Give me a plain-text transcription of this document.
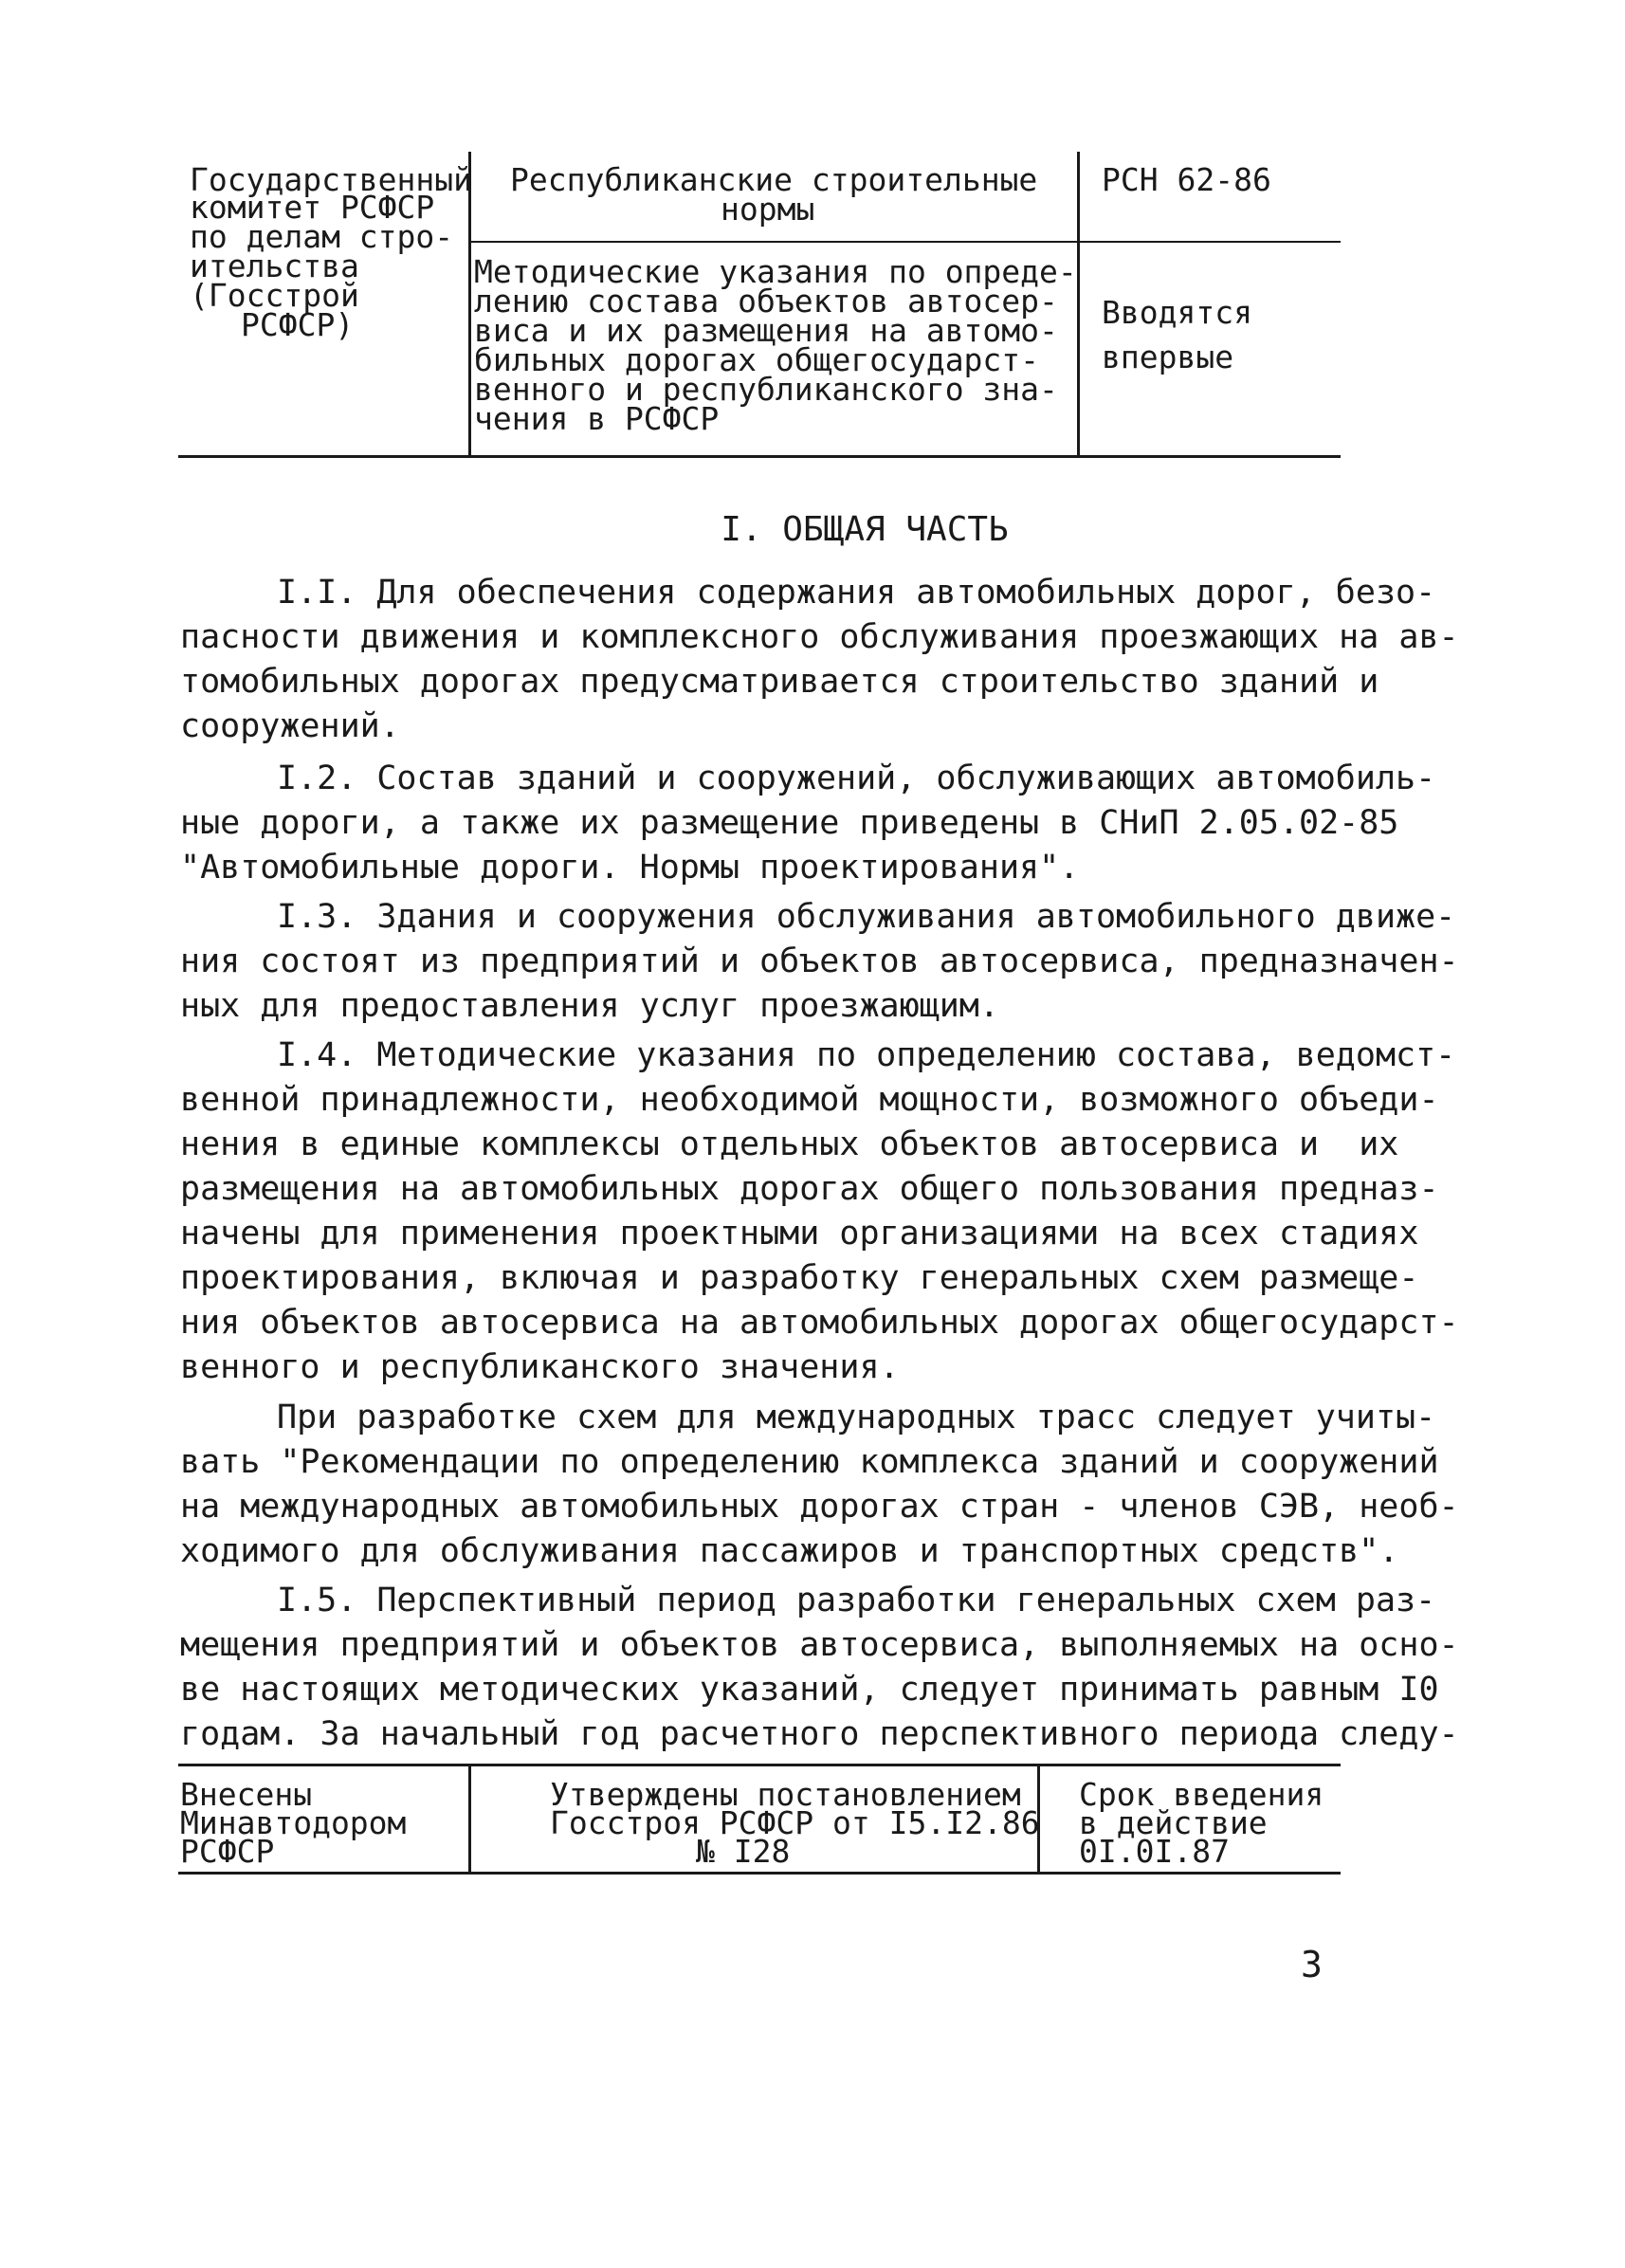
Государственный
комитет РСФСР
по делам стро-
ительства
(Госстрой
РСФСР)
Республиканские строительные
нормы
РСН 62-86
Методические указания по опреде-
лению состава объектов автосер-
виса и их размещения на автомо-
бильных дорогах общегосударст-
венного и республиканского зна-
чения в РСФСР
Вводятся
впервые
I. ОБЩАЯ ЧАСТЬ
I.I. Для обеспечения содержания автомобильных дорог, безо-
пасности движения и комплексного обслуживания проезжающих на ав-
томобильных дорогах предусматривается строительство зданий и
сооружений.
I.2. Состав зданий и сооружений, обслуживающих автомобиль-
ные дороги, а также их размещение приведены в СНиП 2.05.02-85
"Автомобильные дороги. Нормы проектирования".
I.3. Здания и сооружения обслуживания автомобильного движе-
ния состоят из предприятий и объектов автосервиса, предназначен-
ных для предоставления услуг проезжающим.
I.4. Методические указания по определению состава, ведомст-
венной принадлежности, необходимой мощности, возможного объеди-
нения в единые комплексы отдельных объектов автосервиса и  их
размещения на автомобильных дорогах общего пользования предназ-
начены для применения проектными организациями на всех стадиях
проектирования, включая и разработку генеральных схем размеще-
ния объектов автосервиса на автомобильных дорогах общегосударст-
венного и республиканского значения.
При разработке схем для международных трасс следует учиты-
вать "Рекомендации по определению комплекса зданий и сооружений
на международных автомобильных дорогах стран - членов СЭВ, необ-
ходимого для обслуживания пассажиров и транспортных средств".
I.5. Перспективный период разработки генеральных схем раз-
мещения предприятий и объектов автосервиса, выполняемых на осно-
ве настоящих методических указаний, следует принимать равным I0
годам. За начальный год расчетного перспективного периода следу-
Внесены
Минавтодором
РСФСР
Утверждены постановлением
Госстроя РСФСР от I5.I2.86
№ I28
Срок введения
в действие
0I.0I.87
3
